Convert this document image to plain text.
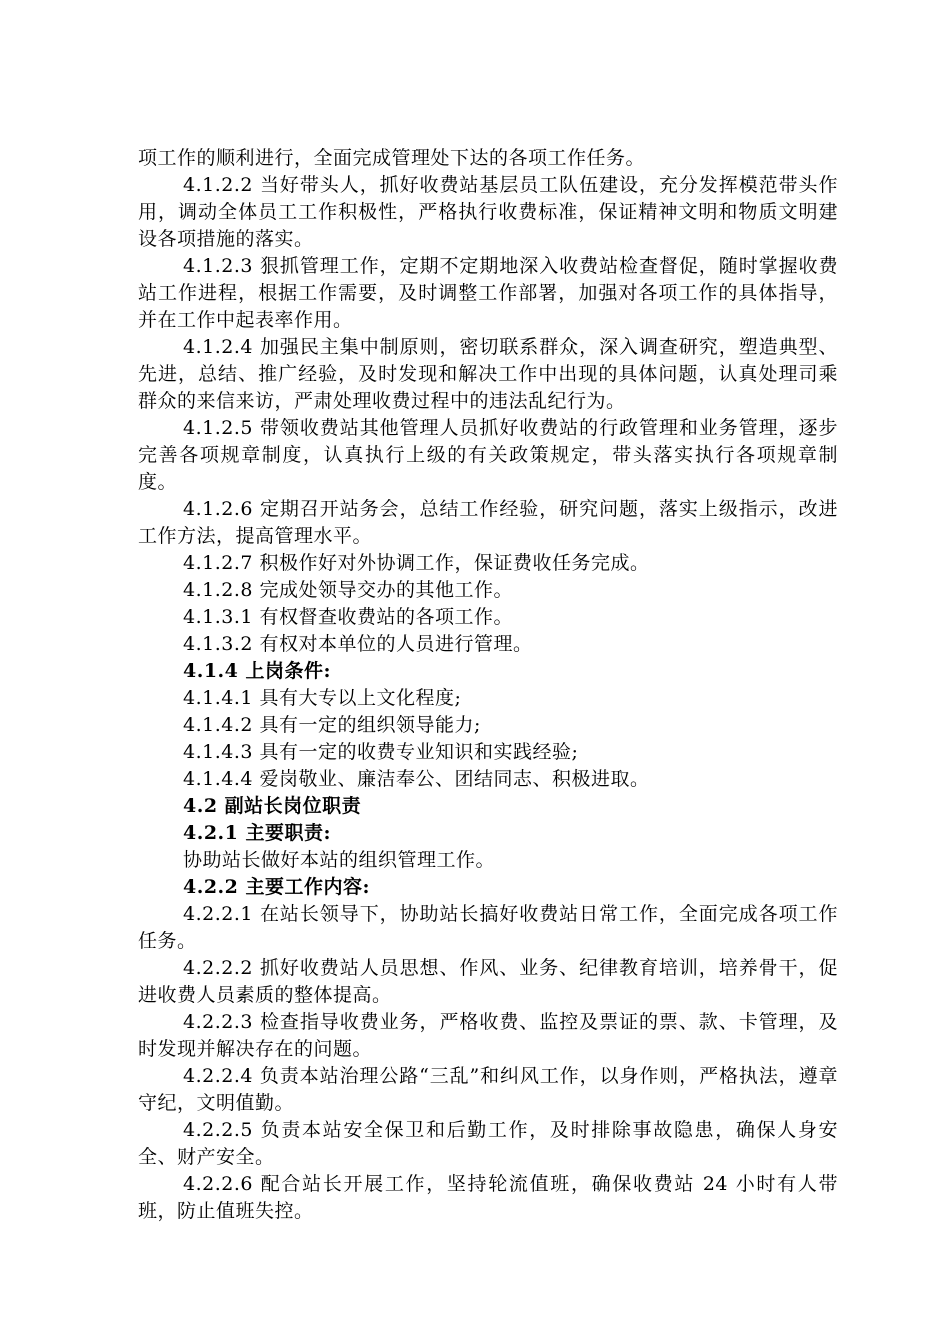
项工作的顺利进行，全面完成管理处下达的各项工作任务。

4.1.2.2 当好带头人，抓好收费站基层员工队伍建设，充分发挥模范带头作用，调动全体员工工作积极性，严格执行收费标准，保证精神文明和物质文明建设各项措施的落实。

4.1.2.3 狠抓管理工作，定期不定期地深入收费站检查督促，随时掌握收费站工作进程，根据工作需要，及时调整工作部署，加强对各项工作的具体指导，并在工作中起表率作用。

4.1.2.4 加强民主集中制原则，密切联系群众，深入调查研究，塑造典型、先进，总结、推广经验，及时发现和解决工作中出现的具体问题，认真处理司乘群众的来信来访，严肃处理收费过程中的违法乱纪行为。

4.1.2.5 带领收费站其他管理人员抓好收费站的行政管理和业务管理，逐步完善各项规章制度，认真执行上级的有关政策规定，带头落实执行各项规章制度。

4.1.2.6 定期召开站务会，总结工作经验，研究问题，落实上级指示，改进工作方法，提高管理水平。

4.1.2.7 积极作好对外协调工作，保证费收任务完成。

4.1.2.8 完成处领导交办的其他工作。

4.1.3.1 有权督查收费站的各项工作。

4.1.3.2 有权对本单位的人员进行管理。

4.1.4 上岗条件:

4.1.4.1 具有大专以上文化程度;

4.1.4.2 具有一定的组织领导能力;

4.1.4.3 具有一定的收费专业知识和实践经验;

4.1.4.4 爱岗敬业、廉洁奉公、团结同志、积极进取。

4.2 副站长岗位职责

4.2.1 主要职责:

协助站长做好本站的组织管理工作。

4.2.2 主要工作内容:

4.2.2.1 在站长领导下，协助站长搞好收费站日常工作，全面完成各项工作任务。

4.2.2.2 抓好收费站人员思想、作风、业务、纪律教育培训，培养骨干，促进收费人员素质的整体提高。

4.2.2.3 检查指导收费业务，严格收费、监控及票证的票、款、卡管理，及时发现并解决存在的问题。

4.2.2.4 负责本站治理公路“三乱”和纠风工作，以身作则，严格执法，遵章守纪，文明值勤。

4.2.2.5 负责本站安全保卫和后勤工作，及时排除事故隐患，确保人身安全、财产安全。

4.2.2.6 配合站长开展工作，坚持轮流值班，确保收费站 24 小时有人带班，防止值班失控。
